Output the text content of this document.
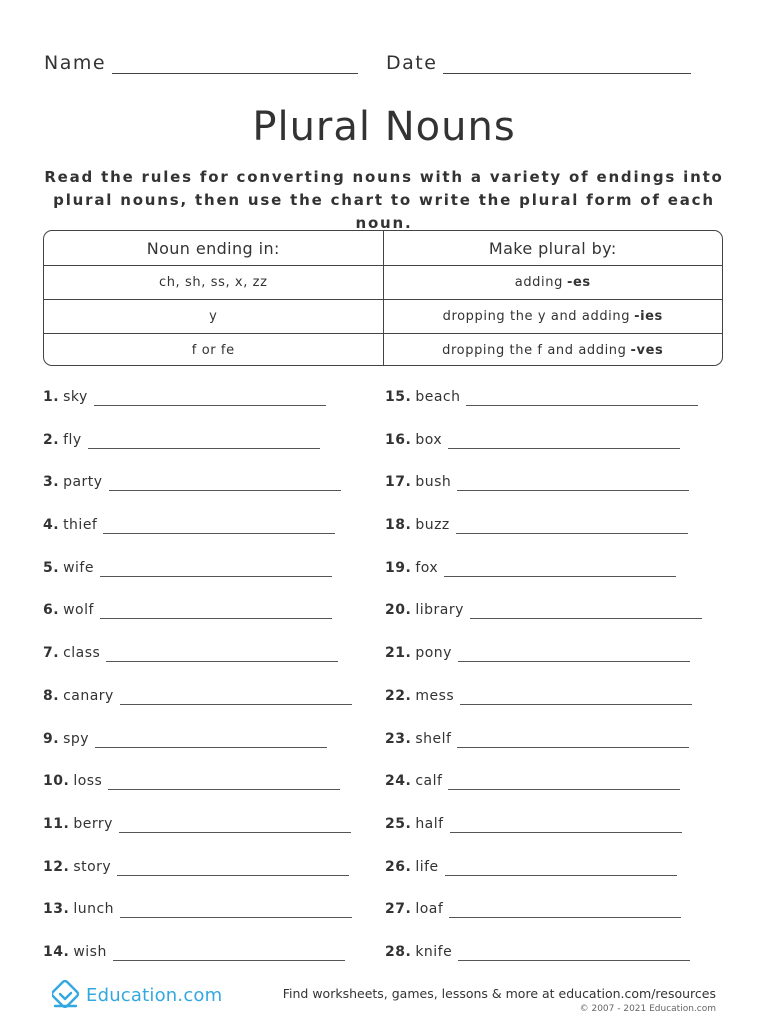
Name	Date
Plural Nouns
Read the rules for converting nouns with a variety of endings into plural nouns, then use the chart to write the plural form of each noun.
Noun ending in:	Make plural by:
ch, sh, ss, x, zz	adding -es
y	dropping the y and adding -ies
f or fe	dropping the f and adding -ves
1. sky
2. fly
3. party
4. thief
5. wife
6. wolf
7. class
8. canary
9. spy
10. loss
11. berry
12. story
13. lunch
14. wish
15. beach
16. box
17. bush
18. buzz
19. fox
20. library
21. pony
22. mess
23. shelf
24. calf
25. half
26. life
27. loaf
28. knife
Education.com	Find worksheets, games, lessons & more at education.com/resources
© 2007 - 2021 Education.com
